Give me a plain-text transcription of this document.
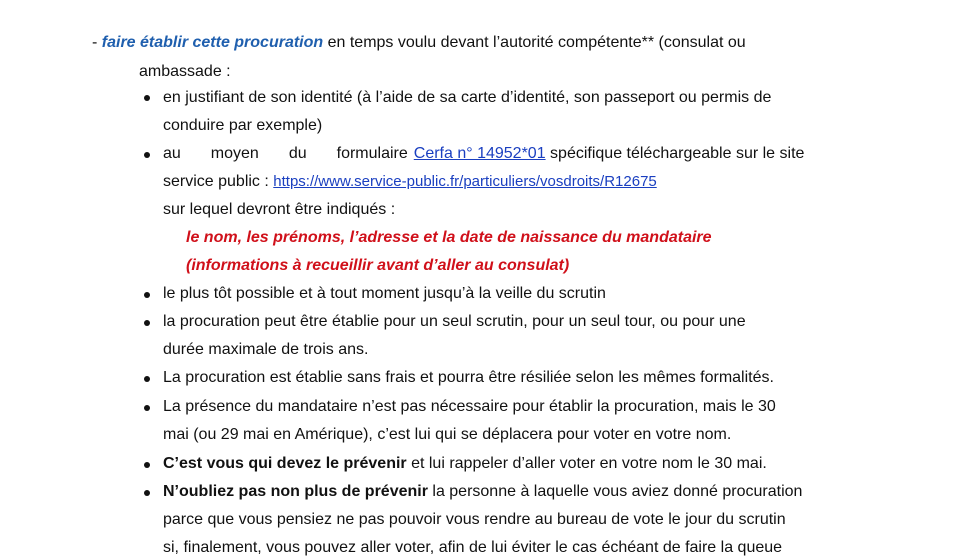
- faire établir cette procuration en temps voulu devant l’autorité compétente** (consulat ou
ambassade :
en justifiant de son identité (à l’aide de sa carte d’identité, son passeport ou permis de
conduire par exemple)
au moyen du formulaire Cerfa n° 14952*01 spécifique téléchargeable sur le site
service public : https://www.service-public.fr/particuliers/vosdroits/R12675
sur lequel devront être indiqués :
le nom, les prénoms, l’adresse et la date de naissance du mandataire
(informations à recueillir avant d’aller au consulat)
le plus tôt possible et à tout moment jusqu’à la veille du scrutin
la procuration peut être établie pour un seul scrutin, pour un seul tour, ou pour une
durée maximale de trois ans.
La procuration est établie sans frais et pourra être résiliée selon les mêmes formalités.
La présence du mandataire n’est pas nécessaire pour établir la procuration, mais le 30
mai (ou 29 mai en Amérique), c’est lui qui se déplacera pour voter en votre nom.
C’est vous qui devez le prévenir et lui rappeler d’aller voter en votre nom le 30 mai.
N’oubliez pas non plus de prévenir la personne à laquelle vous aviez donné procuration
parce que vous pensiez ne pas pouvoir vous rendre au bureau de vote le jour du scrutin
si, finalement, vous pouvez aller voter, afin de lui éviter le cas échéant de faire la queue
